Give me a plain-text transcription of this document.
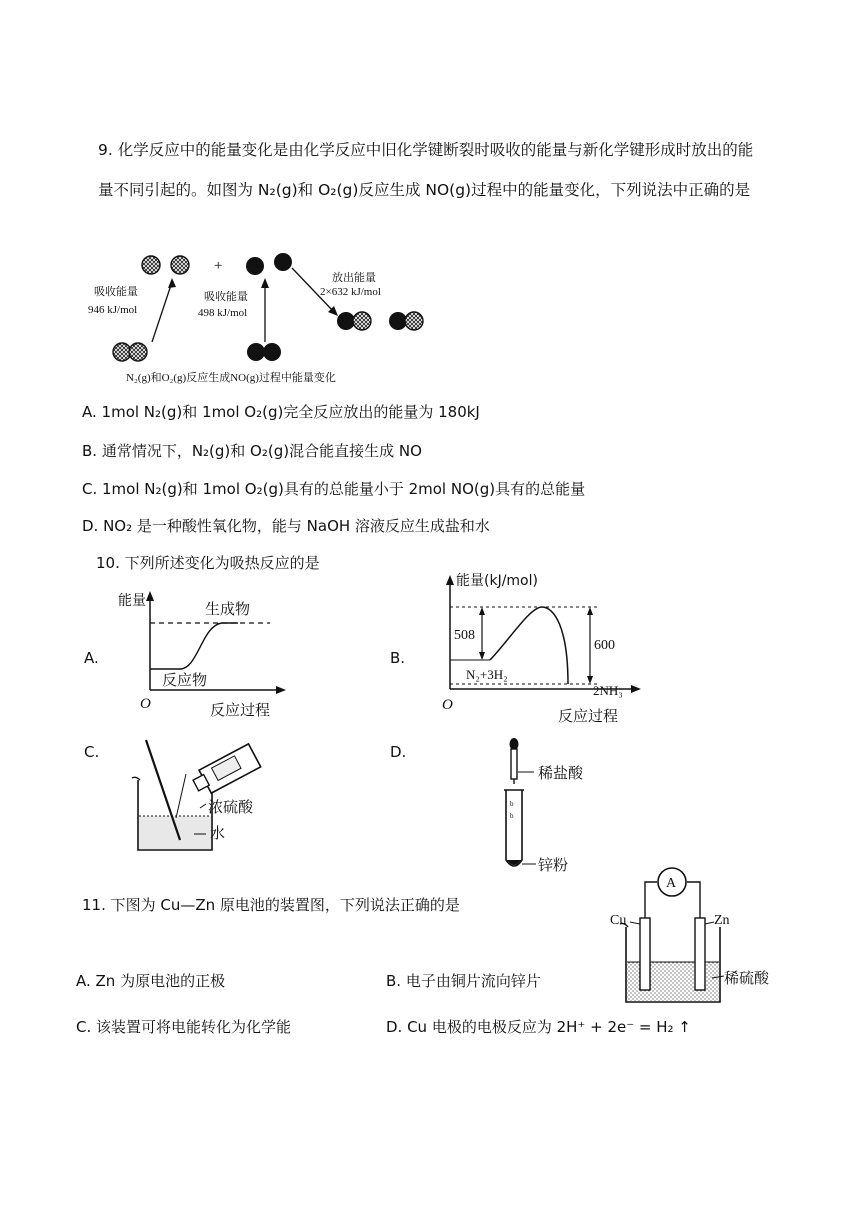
9. 化学反应中的能量变化是由化学反应中旧化学键断裂时吸收的能量与新化学键形成时放出的能
量不同引起的。如图为 N₂(g)和 O₂(g)反应生成 NO(g)过程中的能量变化，下列说法中正确的是
+
吸收能量
946 kJ/mol
吸收能量
498 kJ/mol
放出能量
2×632 kJ/mol
N₂(g)和O₂(g)反应生成NO(g)过程中能量变化
A. 1mol N₂(g)和 1mol O₂(g)完全反应放出的能量为 180kJ
B. 通常情况下，N₂(g)和 O₂(g)混合能直接生成 NO
C. 1mol N₂(g)和 1mol O₂(g)具有的总能量小于 2mol NO(g)具有的总能量
D. NO₂ 是一种酸性氧化物，能与 NaOH 溶液反应生成盐和水
10. 下列所述变化为吸热反应的是
A.
能量	生成物
反应物
O	反应过程
B.
能量(kJ/mol)
508
600
N₂+3H₂
2NH₃
O
反应过程
C.
浓硫酸
水
D.
b
b
稀盐酸
锌粉
11. 下图为 Cu—Zn 原电池的装置图，下列说法正确的是
A
Cu	Zn
稀硫酸
A. Zn 为原电池的正极	B. 电子由铜片流向锌片
C. 该装置可将电能转化为化学能	D. Cu 电极的电极反应为 2H⁺ + 2e⁻ = H₂ ↑
